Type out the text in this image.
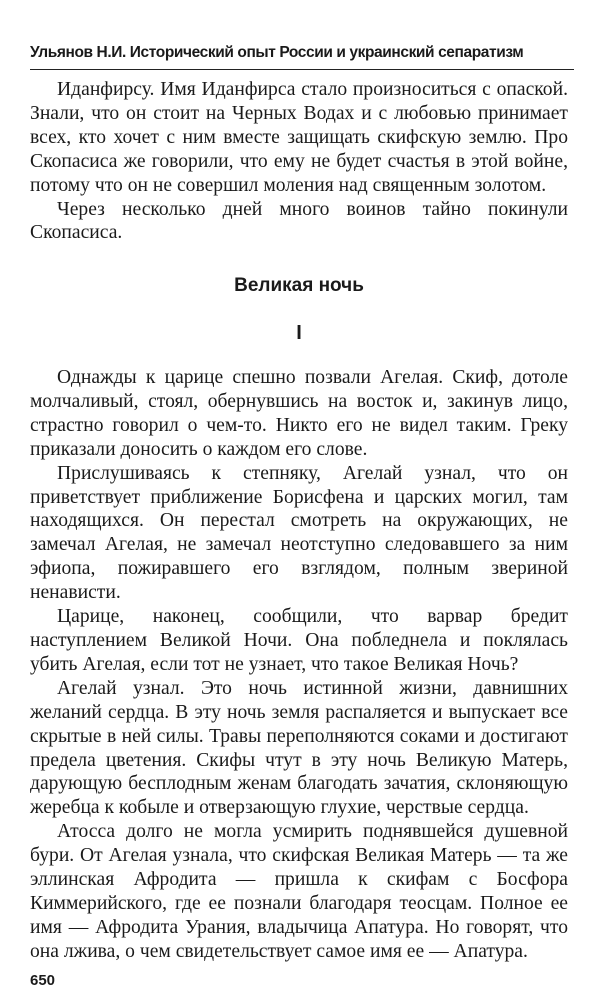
Ульянов Н.И. Исторический опыт России и украинский сепаратизм

Иданфирсу. Имя Иданфирса стало произноситься с опаской. Знали, что он стоит на Черных Водах и с любовью принимает всех, кто хочет с ним вместе защищать скифскую землю. Про Скопасиса же говорили, что ему не будет счастья в этой войне, потому что он не совершил моления над священным золотом.

Через несколько дней много воинов тайно покинули Скопасиса.

Великая ночь
I

Однажды к царице спешно позвали Агелая. Скиф, дотоле молчаливый, стоял, обернувшись на восток и, закинув лицо, страстно говорил о чем-то. Никто его не видел таким. Греку приказали доносить о каждом его слове.

Прислушиваясь к степняку, Агелай узнал, что он приветствует приближение Борисфена и царских могил, там находящихся. Он перестал смотреть на окружающих, не замечал Агелая, не замечал неотступно следовавшего за ним эфиопа, пожиравшего его взглядом, полным звериной ненависти.

Царице, наконец, сообщили, что варвар бредит наступлением Великой Ночи. Она побледнела и поклялась убить Агелая, если тот не узнает, что такое Великая Ночь?

Агелай узнал. Это ночь истинной жизни, давнишних желаний сердца. В эту ночь земля распаляется и выпускает все скрытые в ней силы. Травы переполняются соками и достигают предела цветения. Скифы чтут в эту ночь Великую Матерь, дарующую бесплодным женам благодать зачатия, склоняющую жеребца к кобыле и отверзающую глухие, черствые сердца.

Атосса долго не могла усмирить поднявшейся душевной бури. От Агелая узнала, что скифская Великая Матерь — та же эллинская Афродита — пришла к скифам с Босфора Киммерийского, где ее познали благодаря теосцам. Полное ее имя — Афродита Урания, владычица Апатура. Но говорят, что она лжива, о чем свидетельствует самое имя ее — Апатура.

650
